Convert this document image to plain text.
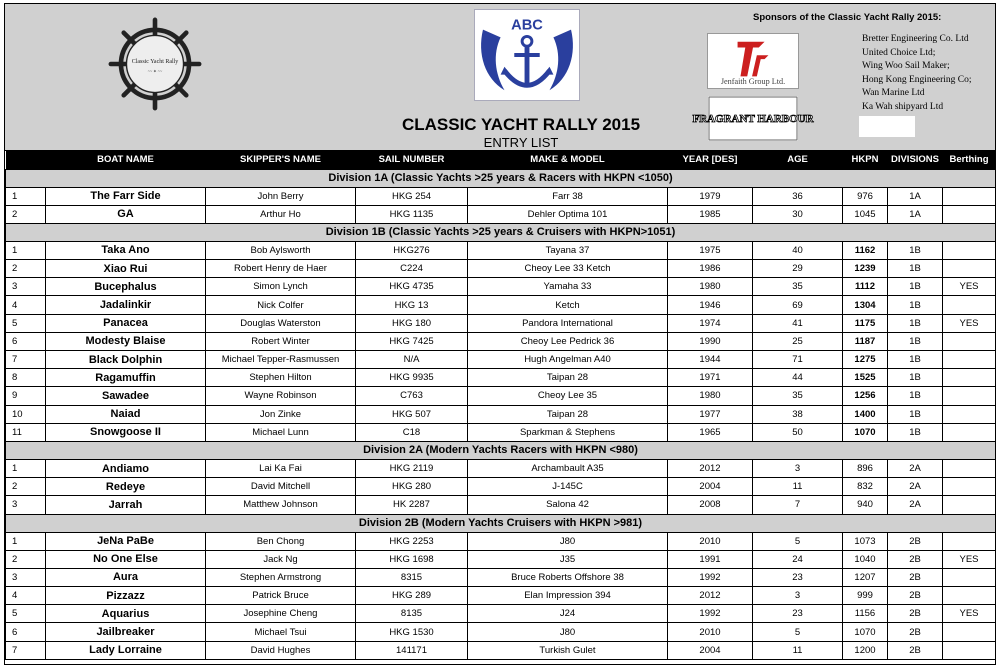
Classic Yacht Rally
~~ ✦ ~~
ABC
CLASSIC YACHT RALLY 2015
ENTRY LIST
Sponsors of the Classic Yacht Rally 2015:
Jenfaith Group Ltd.
FRAGRANT HARBOUR
Bretter Engineering Co. Ltd
United Choice Ltd;
Wing Woo Sail Maker;
Hong Kong Engineering Co;
Wan Marine Ltd
Ka Wah shipyard Ltd
	BOAT NAME	SKIPPER'S NAME	SAIL NUMBER	MAKE & MODEL	YEAR [DES]	AGE	HKPN	DIVISIONS	Berthing
Division 1A (Classic Yachts >25 years & Racers with HKPN <1050)									
1	The Farr Side	John Berry	HKG 254	Farr 38	1979	36	976	1A	
2	GA	Arthur Ho	HKG 1135	Dehler Optima 101	1985	30	1045	1A	
Division 1B (Classic Yachts >25 years & Cruisers with HKPN>1051)									
1	Taka Ano	Bob Aylsworth	HKG276	Tayana 37	1975	40	1162	1B	
2	Xiao Rui	Robert Henry de Haer	C224	Cheoy Lee 33 Ketch	1986	29	1239	1B	
3	Bucephalus	Simon Lynch	HKG 4735	Yamaha 33	1980	35	1112	1B	YES
4	Jadalinkir	Nick Colfer	HKG 13	Ketch	1946	69	1304	1B	
5	Panacea	Douglas Waterston	HKG 180	Pandora International	1974	41	1175	1B	YES
6	Modesty Blaise	Robert Winter	HKG 7425	Cheoy Lee Pedrick 36	1990	25	1187	1B	
7	Black Dolphin	Michael Tepper-Rasmussen	N/A	Hugh Angelman A40	1944	71	1275	1B	
8	Ragamuffin	Stephen Hilton	HKG 9935	Taipan 28	1971	44	1525	1B	
9	Sawadee	Wayne Robinson	C763	Cheoy Lee 35	1980	35	1256	1B	
10	Naiad	Jon Zinke	HKG 507	Taipan 28	1977	38	1400	1B	
11	Snowgoose II	Michael Lunn	C18	Sparkman & Stephens	1965	50	1070	1B	
Division 2A (Modern Yachts Racers with HKPN <980)									
1	Andiamo	Lai Ka Fai	HKG 2119	Archambault A35	2012	3	896	2A	
2	Redeye	David Mitchell	HKG 280	J-145C	2004	11	832	2A	
3	Jarrah	Matthew Johnson	HK 2287	Salona 42	2008	7	940	2A	
Division 2B (Modern Yachts Cruisers with HKPN >981)									
1	JeNa PaBe	Ben Chong	HKG 2253	J80	2010	5	1073	2B	
2	No One Else	Jack Ng	HKG 1698	J35	1991	24	1040	2B	YES
3	Aura	Stephen Armstrong	8315	Bruce Roberts Offshore 38	1992	23	1207	2B	
4	Pizzazz	Patrick Bruce	HKG 289	Elan Impression 394	2012	3	999	2B	
5	Aquarius	Josephine Cheng	8135	J24	1992	23	1156	2B	YES
6	Jailbreaker	Michael Tsui	HKG 1530	J80	2010	5	1070	2B	
7	Lady Lorraine	David Hughes	141171	Turkish Gulet	2004	11	1200	2B	
